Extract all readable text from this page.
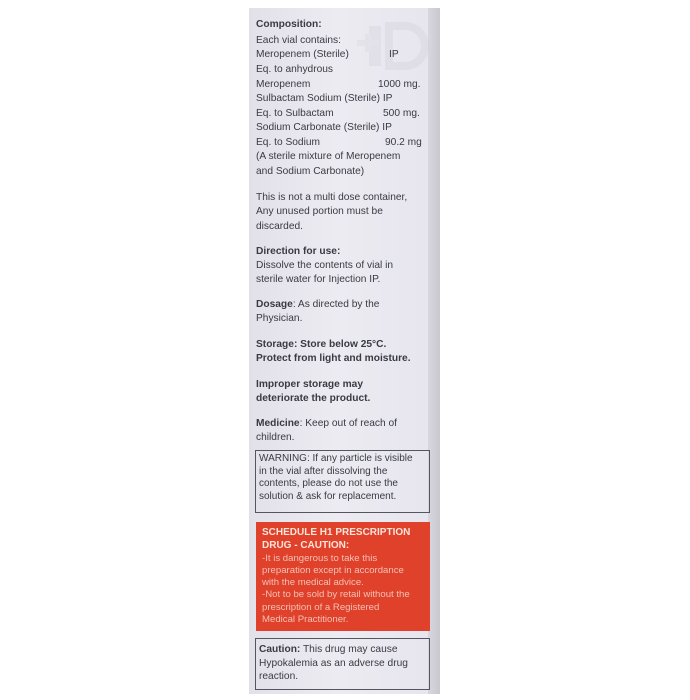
Composition:
Each vial contains:
Meropenem (Sterile)	IP
Eq. to anhydrous
Meropenem	1000 mg.
Sulbactam Sodium (Sterile) IP
Eq. to Sulbactam	500 mg.
Sodium Carbonate (Sterile) IP
Eq. to Sodium	90.2 mg
(A sterile mixture of Meropenem
and Sodium Carbonate)
This is not a multi dose container,
Any unused portion must be
discarded.
Direction for use:
Dissolve the contents of vial in
sterile water for Injection IP.
Dosage: As directed by the
Physician.
Storage: Store below 25°C.
Protect from light and moisture.
Improper storage may
deteriorate the product.
Medicine: Keep out of reach of
children.
WARNING: If any particle is visible
in the vial after dissolving the
contents, please do not use the
solution & ask for replacement.
SCHEDULE H1 PRESCRIPTION
DRUG - CAUTION:
-It is dangerous to take this
preparation except in accordance
with the medical advice.
-Not to be sold by retail without the
prescription of a Registered
Medical Practitioner.
Caution: This drug may cause
Hypokalemia as an adverse drug
reaction.
